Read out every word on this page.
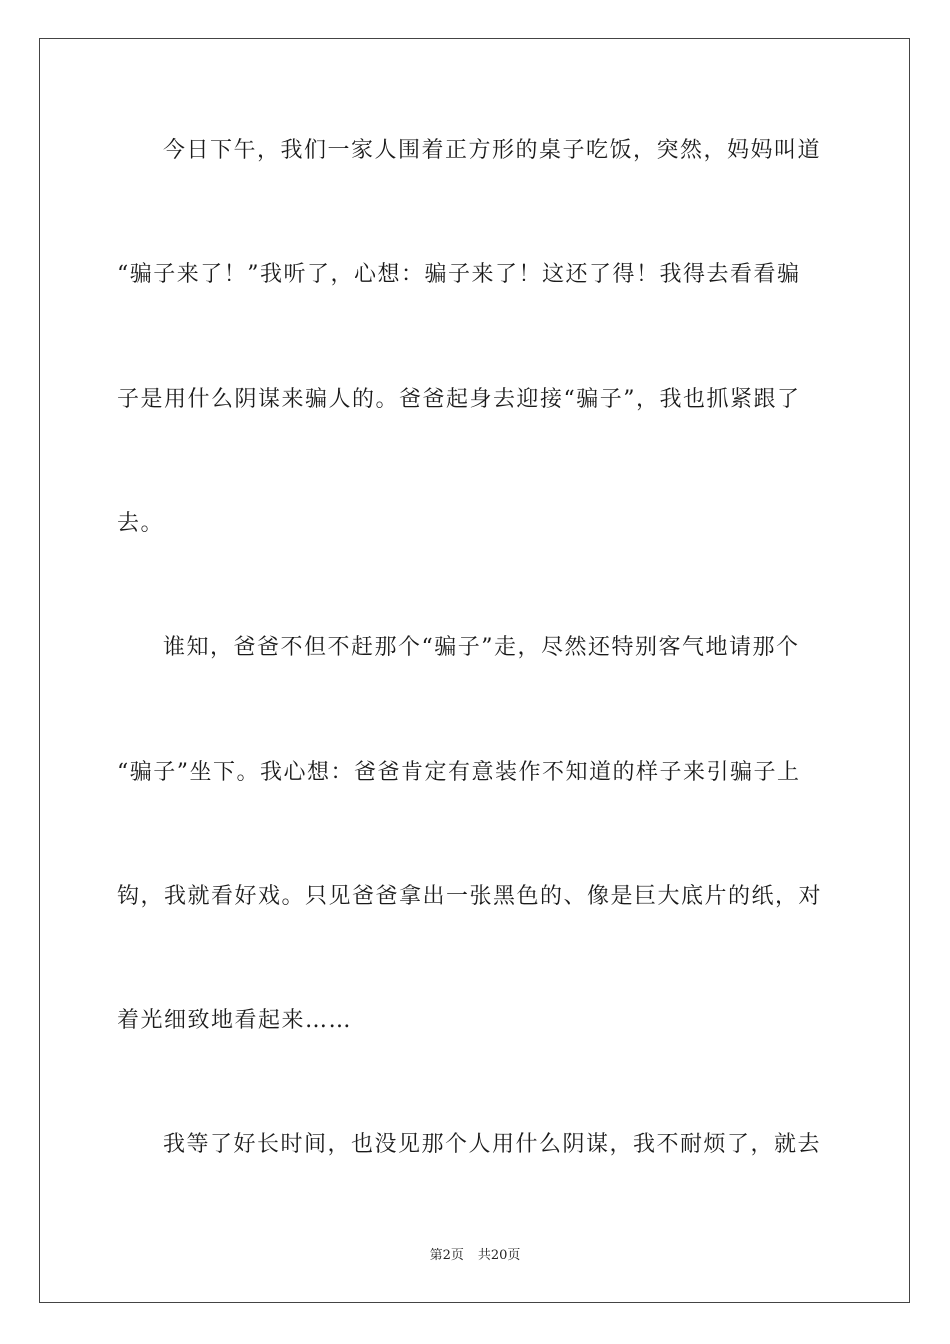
今日下午，我们一家人围着正方形的桌子吃饭，突然，妈妈叫道
“骗子来了！”我听了，心想：骗子来了！这还了得！我得去看看骗
子是用什么阴谋来骗人的。爸爸起身去迎接“骗子”，我也抓紧跟了
去。
谁知，爸爸不但不赶那个“骗子”走，尽然还特别客气地请那个
“骗子”坐下。我心想：爸爸肯定有意装作不知道的样子来引骗子上
钩，我就看好戏。只见爸爸拿出一张黑色的、像是巨大底片的纸，对
着光细致地看起来……
我等了好长时间，也没见那个人用什么阴谋，我不耐烦了，就去
第2页 共20页
